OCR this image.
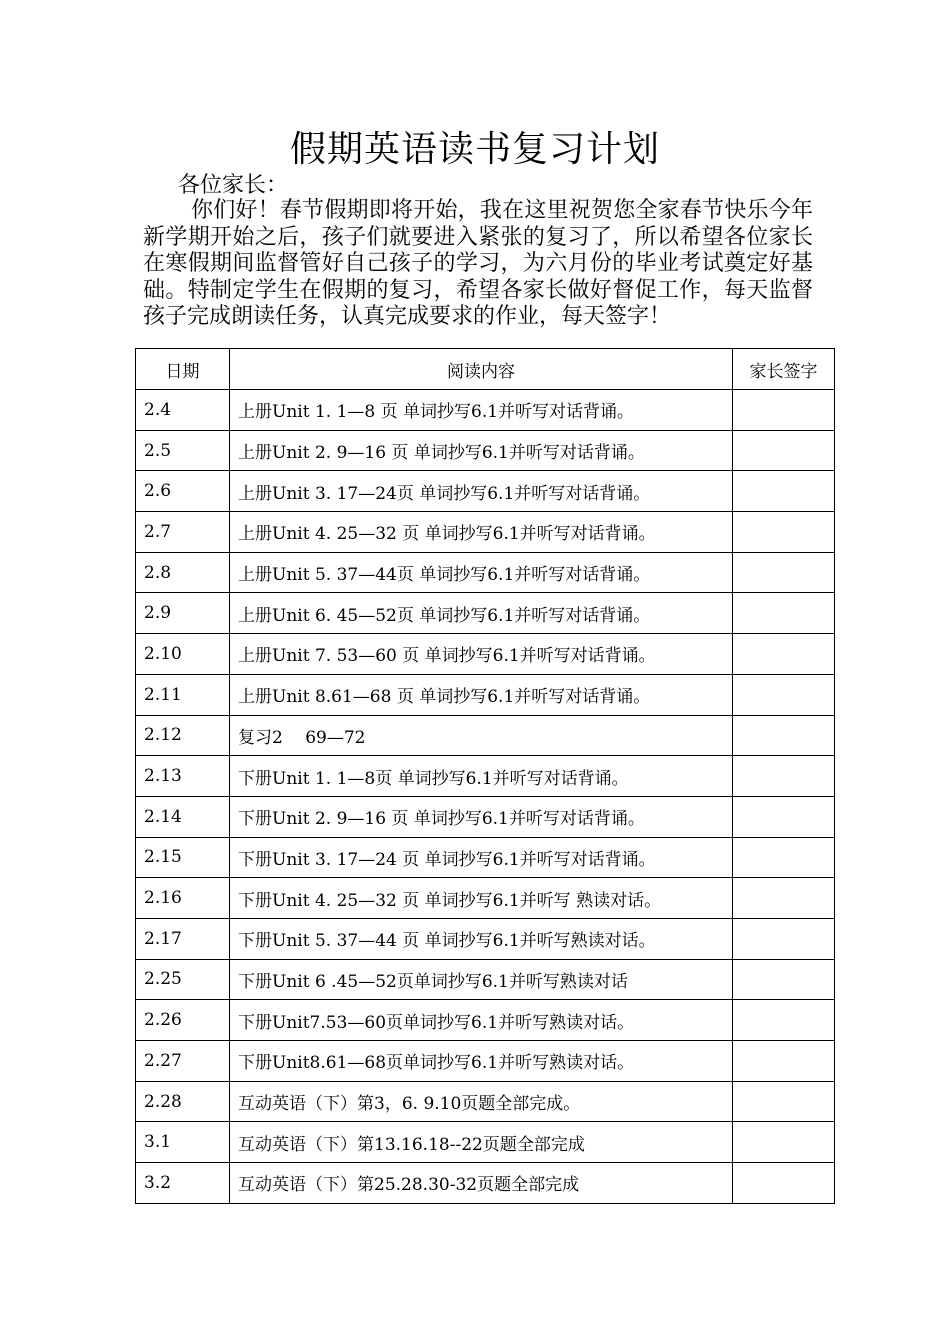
假期英语读书复习计划
各位家长：

你们好！春节假期即将开始，我在这里祝贺您全家春节快乐今年新学期开始之后，孩子们就要进入紧张的复习了，所以希望各位家长在寒假期间监督管好自己孩子的学习，为六月份的毕业考试奠定好基础。特制定学生在假期的复习，希望各家长做好督促工作，每天监督孩子完成朗读任务，认真完成要求的作业，每天签字！

日期	阅读内容	家长签字
2.4	上册Unit 1. 1—8 页 单词抄写6.1并听写对话背诵。	
2.5	上册Unit 2. 9—16 页 单词抄写6.1并听写对话背诵。	
2.6	上册Unit 3. 17—24页 单词抄写6.1并听写对话背诵。	
2.7	上册Unit 4. 25—32 页 单词抄写6.1并听写对话背诵。	
2.8	上册Unit 5. 37—44页 单词抄写6.1并听写对话背诵。	
2.9	上册Unit 6. 45—52页 单词抄写6.1并听写对话背诵。	
2.10	上册Unit 7. 53—60 页 单词抄写6.1并听写对话背诵。	
2.11	上册Unit 8.61—68 页 单词抄写6.1并听写对话背诵。	
2.12	复习2　 69—72	
2.13	下册Unit 1. 1—8页 单词抄写6.1并听写对话背诵。	
2.14	下册Unit 2. 9—16 页 单词抄写6.1并听写对话背诵。	
2.15	下册Unit 3. 17—24 页 单词抄写6.1并听写对话背诵。	
2.16	下册Unit 4. 25—32 页 单词抄写6.1并听写 熟读对话。	
2.17	下册Unit 5. 37—44 页 单词抄写6.1并听写熟读对话。	
2.25	下册Unit 6 .45—52页单词抄写6.1并听写熟读对话	
2.26	下册Unit7.53—60页单词抄写6.1并听写熟读对话。	
2.27	下册Unit8.61—68页单词抄写6.1并听写熟读对话。	
2.28	互动英语（下）第3，6. 9.10页题全部完成。	
3.1	互动英语（下）第13.16.18--22页题全部完成	
3.2	互动英语（下）第25.28.30-32页题全部完成	
